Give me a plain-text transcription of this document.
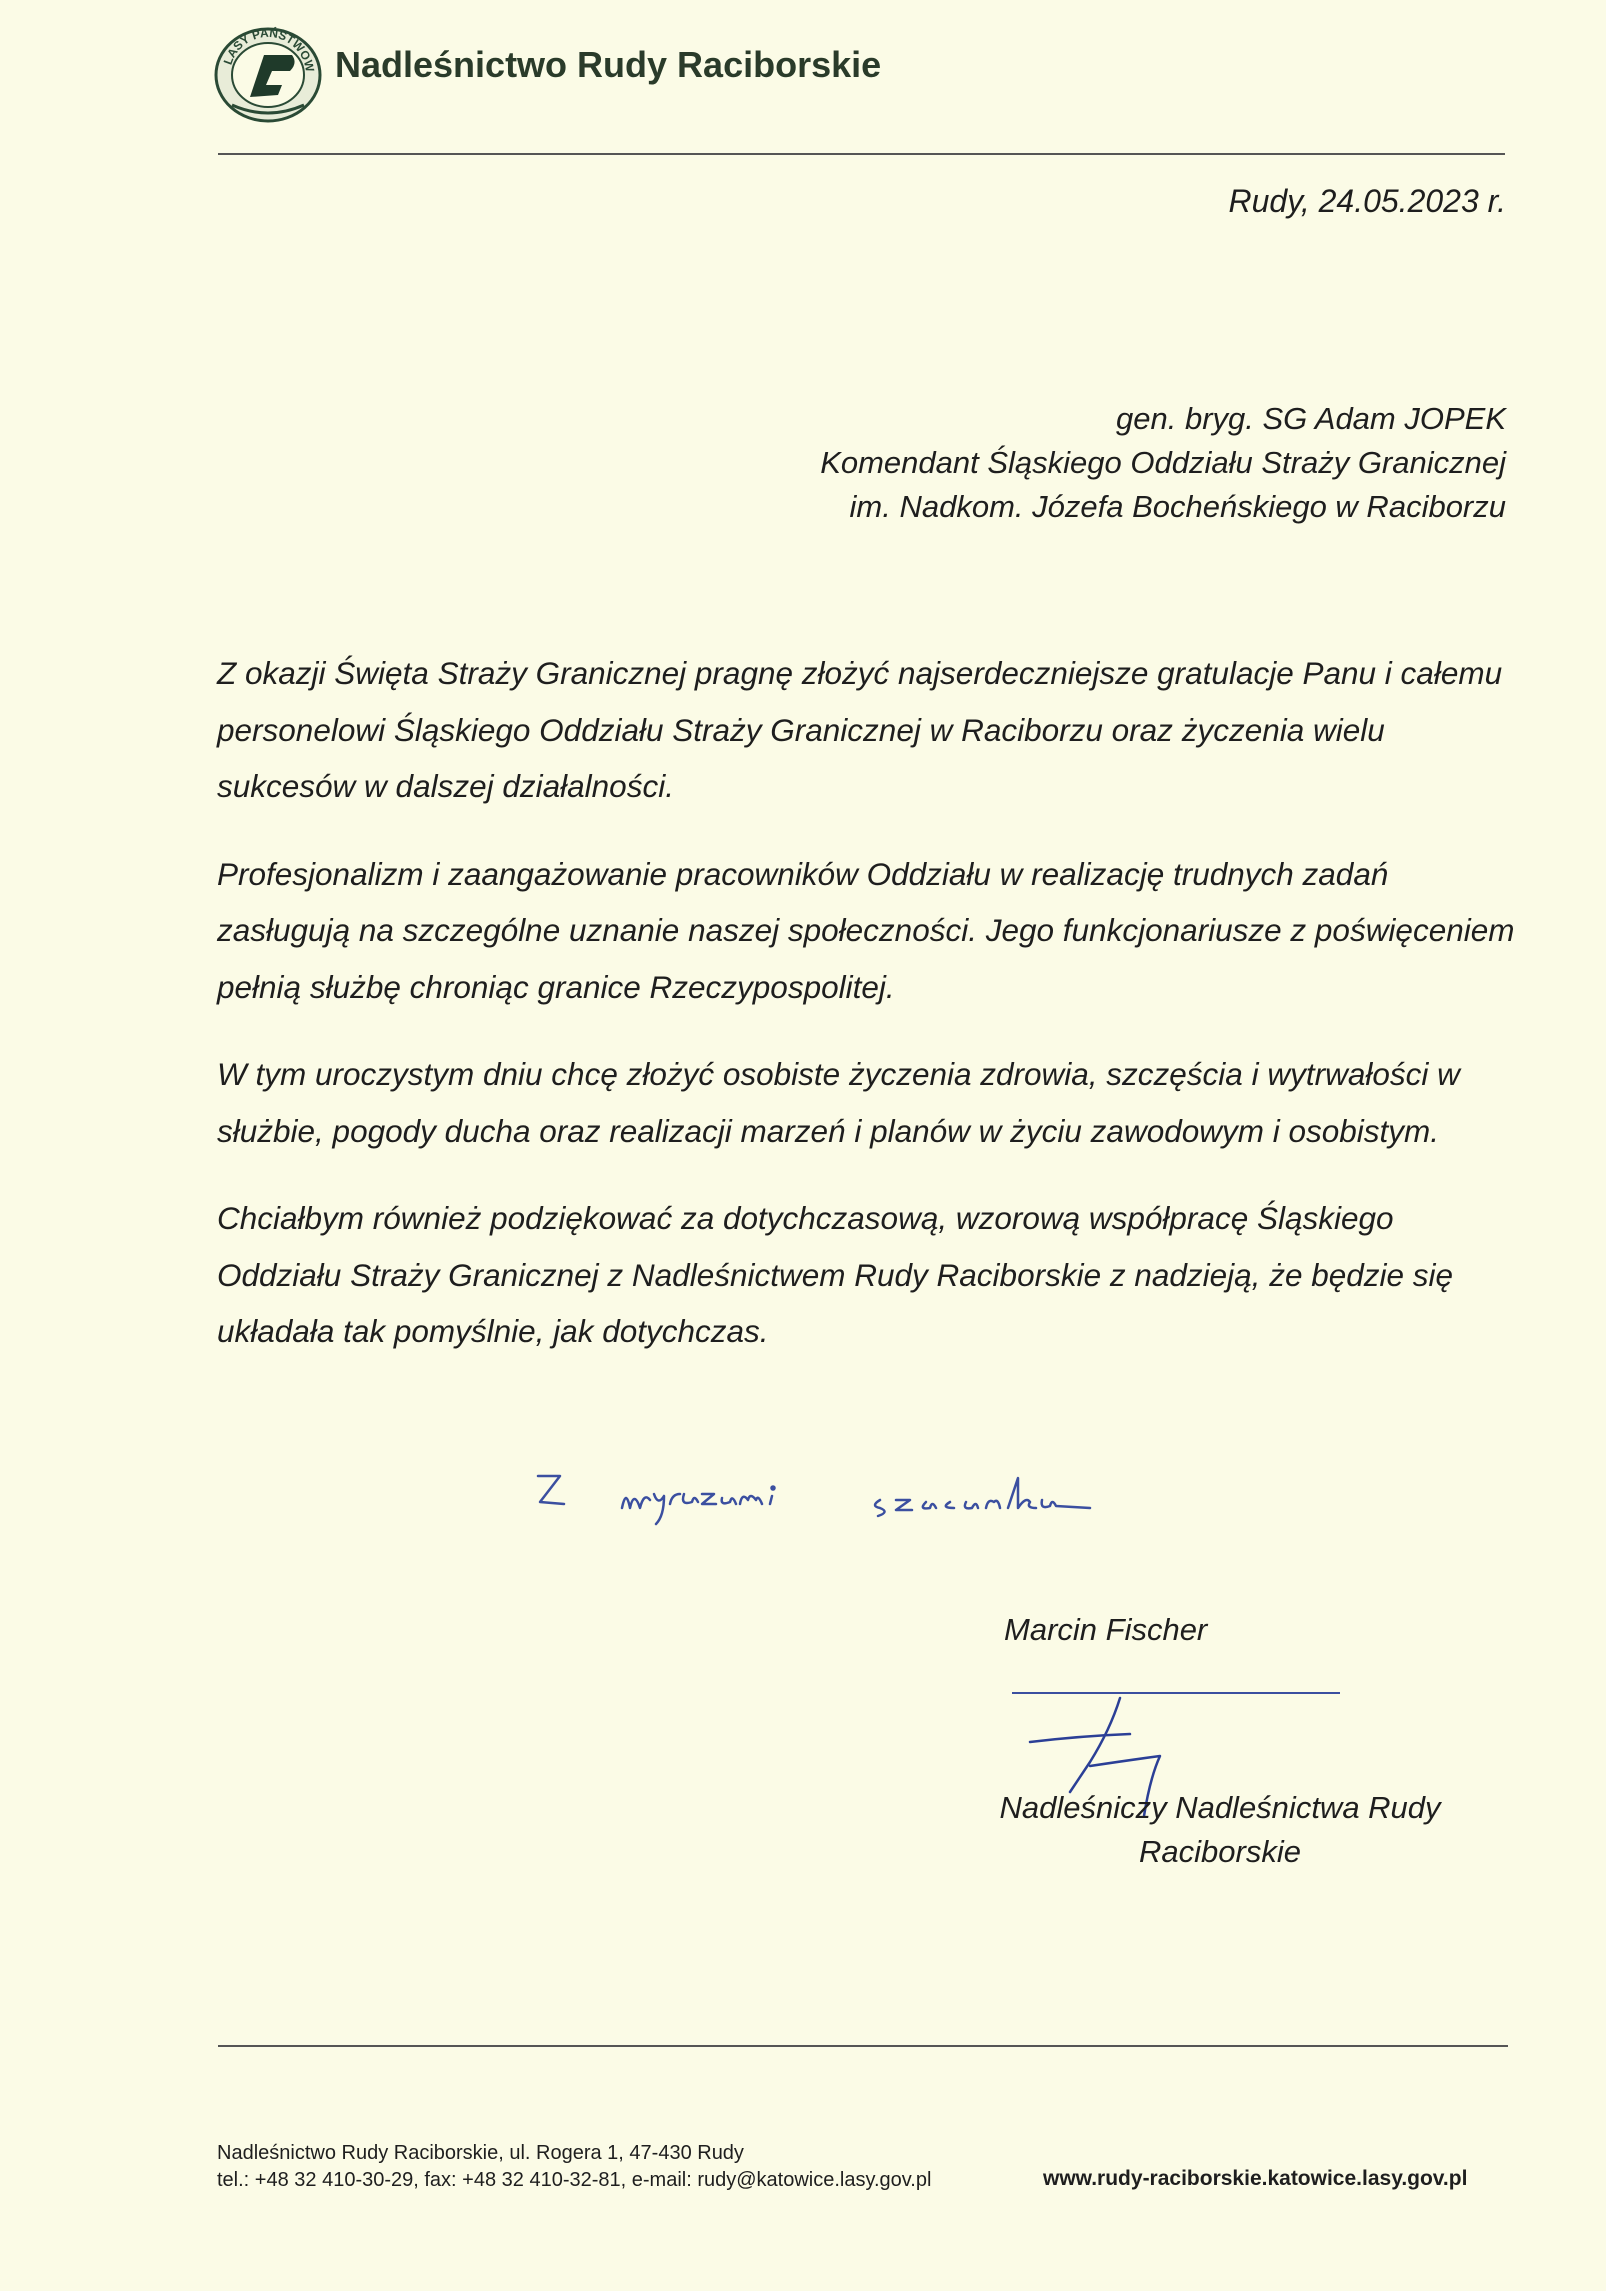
LASY PAŃSTWOW Nadleśnictwo Rudy Raciborskie
Rudy, 24.05.2023 r.
gen. bryg. SG Adam JOPEK
Komendant Śląskiego Oddziału Straży Granicznej
im. Nadkom. Józefa Bocheńskiego w Raciborzu

Z okazji Święta Straży Granicznej pragnę złożyć najserdeczniejsze gratulacje Panu i całemu personelowi Śląskiego Oddziału Straży Granicznej w Raciborzu oraz życzenia wielu sukcesów w dalszej działalności.

Profesjonalizm i zaangażowanie pracowników Oddziału w realizację trudnych zadań zasługują na szczególne uznanie naszej społeczności. Jego funkcjonariusze z poświęceniem pełnią służbę chroniąc granice Rzeczypospolitej.

W tym uroczystym dniu chcę złożyć osobiste życzenia zdrowia, szczęścia i wytrwałości w służbie, pogody ducha oraz realizacji marzeń i planów w życiu zawodowym i osobistym.

Chciałbym również podziękować za dotychczasową, wzorową współpracę Śląskiego Oddziału Straży Granicznej z Nadleśnictwem Rudy Raciborskie z nadzieją, że będzie się układała tak pomyślnie, jak dotychczas.

Marcin Fischer
Nadleśniczy Nadleśnictwa Rudy
Raciborskie
Nadleśnictwo Rudy Raciborskie, ul. Rogera 1, 47-430 Rudy
tel.: +48 32 410-30-29, fax: +48 32 410-32-81, e-mail: rudy@katowice.lasy.gov.pl	www.rudy-raciborskie.katowice.lasy.gov.pl
